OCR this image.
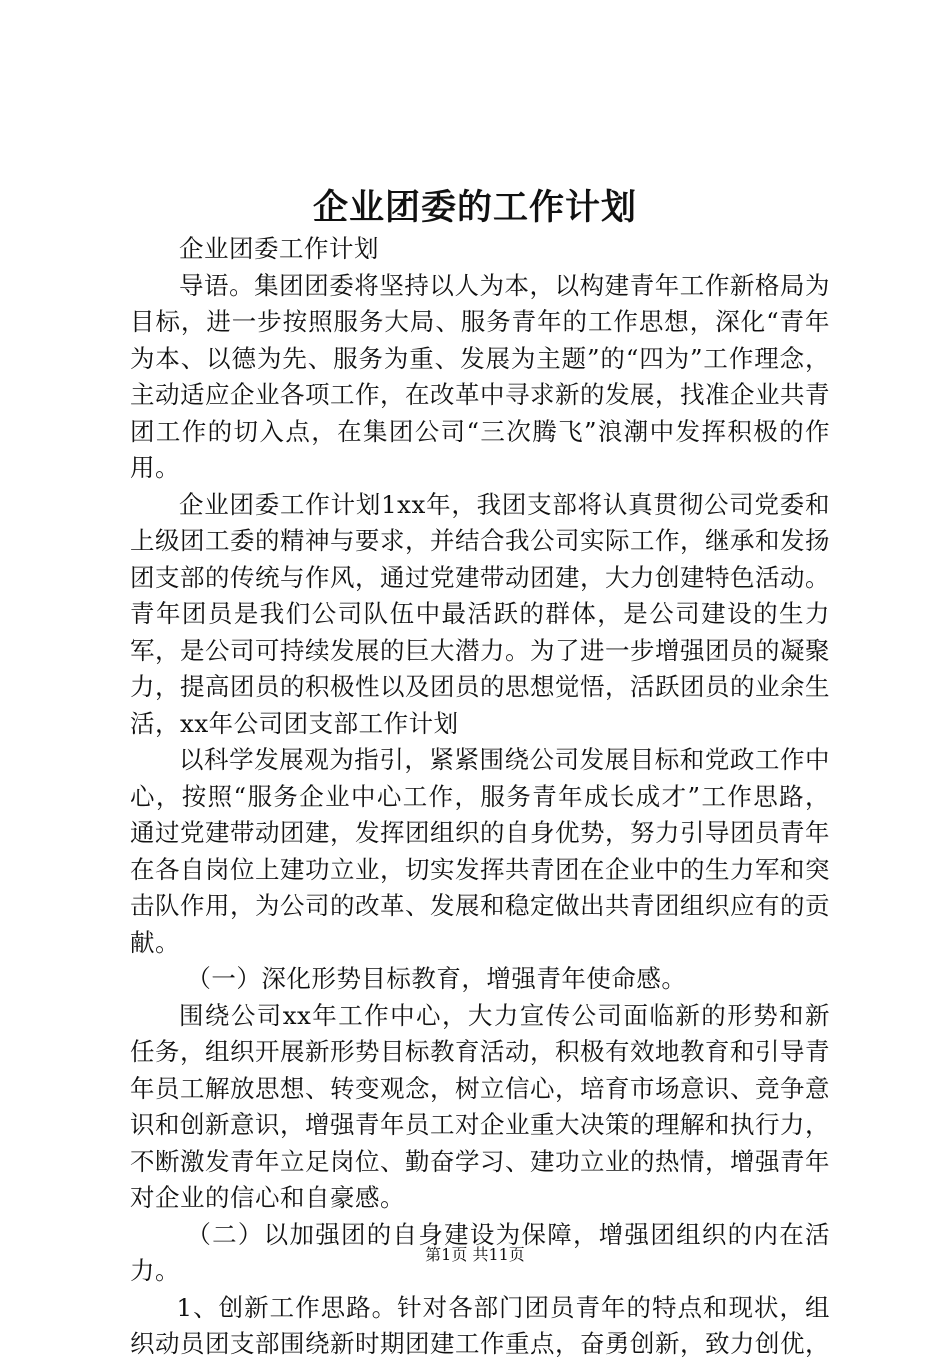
企业团委的工作计划

企业团委工作计划

导语。集团团委将坚持以人为本，以构建青年工作新格局为目标，进一步按照服务大局、服务青年的工作思想，深化“青年为本、以德为先、服务为重、发展为主题”的“四为”工作理念，主动适应企业各项工作，在改革中寻求新的发展，找准企业共青团工作的切入点，在集团公司“三次腾飞”浪潮中发挥积极的作用。

企业团委工作计划1xx年，我团支部将认真贯彻公司党委和上级团工委的精神与要求，并结合我公司实际工作，继承和发扬团支部的传统与作风，通过党建带动团建，大力创建特色活动。青年团员是我们公司队伍中最活跃的群体，是公司建设的生力军，是公司可持续发展的巨大潜力。为了进一步增强团员的凝聚力，提高团员的积极性以及团员的思想觉悟，活跃团员的业余生活，xx年公司团支部工作计划

以科学发展观为指引，紧紧围绕公司发展目标和党政工作中心，按照“服务企业中心工作，服务青年成长成才”工作思路，通过党建带动团建，发挥团组织的自身优势，努力引导团员青年在各自岗位上建功立业，切实发挥共青团在企业中的生力军和突击队作用，为公司的改革、发展和稳定做出共青团组织应有的贡献。

（一）深化形势目标教育，增强青年使命感。

围绕公司xx年工作中心，大力宣传公司面临新的形势和新任务，组织开展新形势目标教育活动，积极有效地教育和引导青年员工解放思想、转变观念，树立信心，培育市场意识、竞争意识和创新意识，增强青年员工对企业重大决策的理解和执行力，不断激发青年立足岗位、勤奋学习、建功立业的热情，增强青年对企业的信心和自豪感。

（二）以加强团的自身建设为保障，增强团组织的内在活力。

1、创新工作思路。针对各部门团员青年的特点和现状，组织动员团支部围绕新时期团建工作重点，奋勇创新，致力创优，

第1页 共11页
